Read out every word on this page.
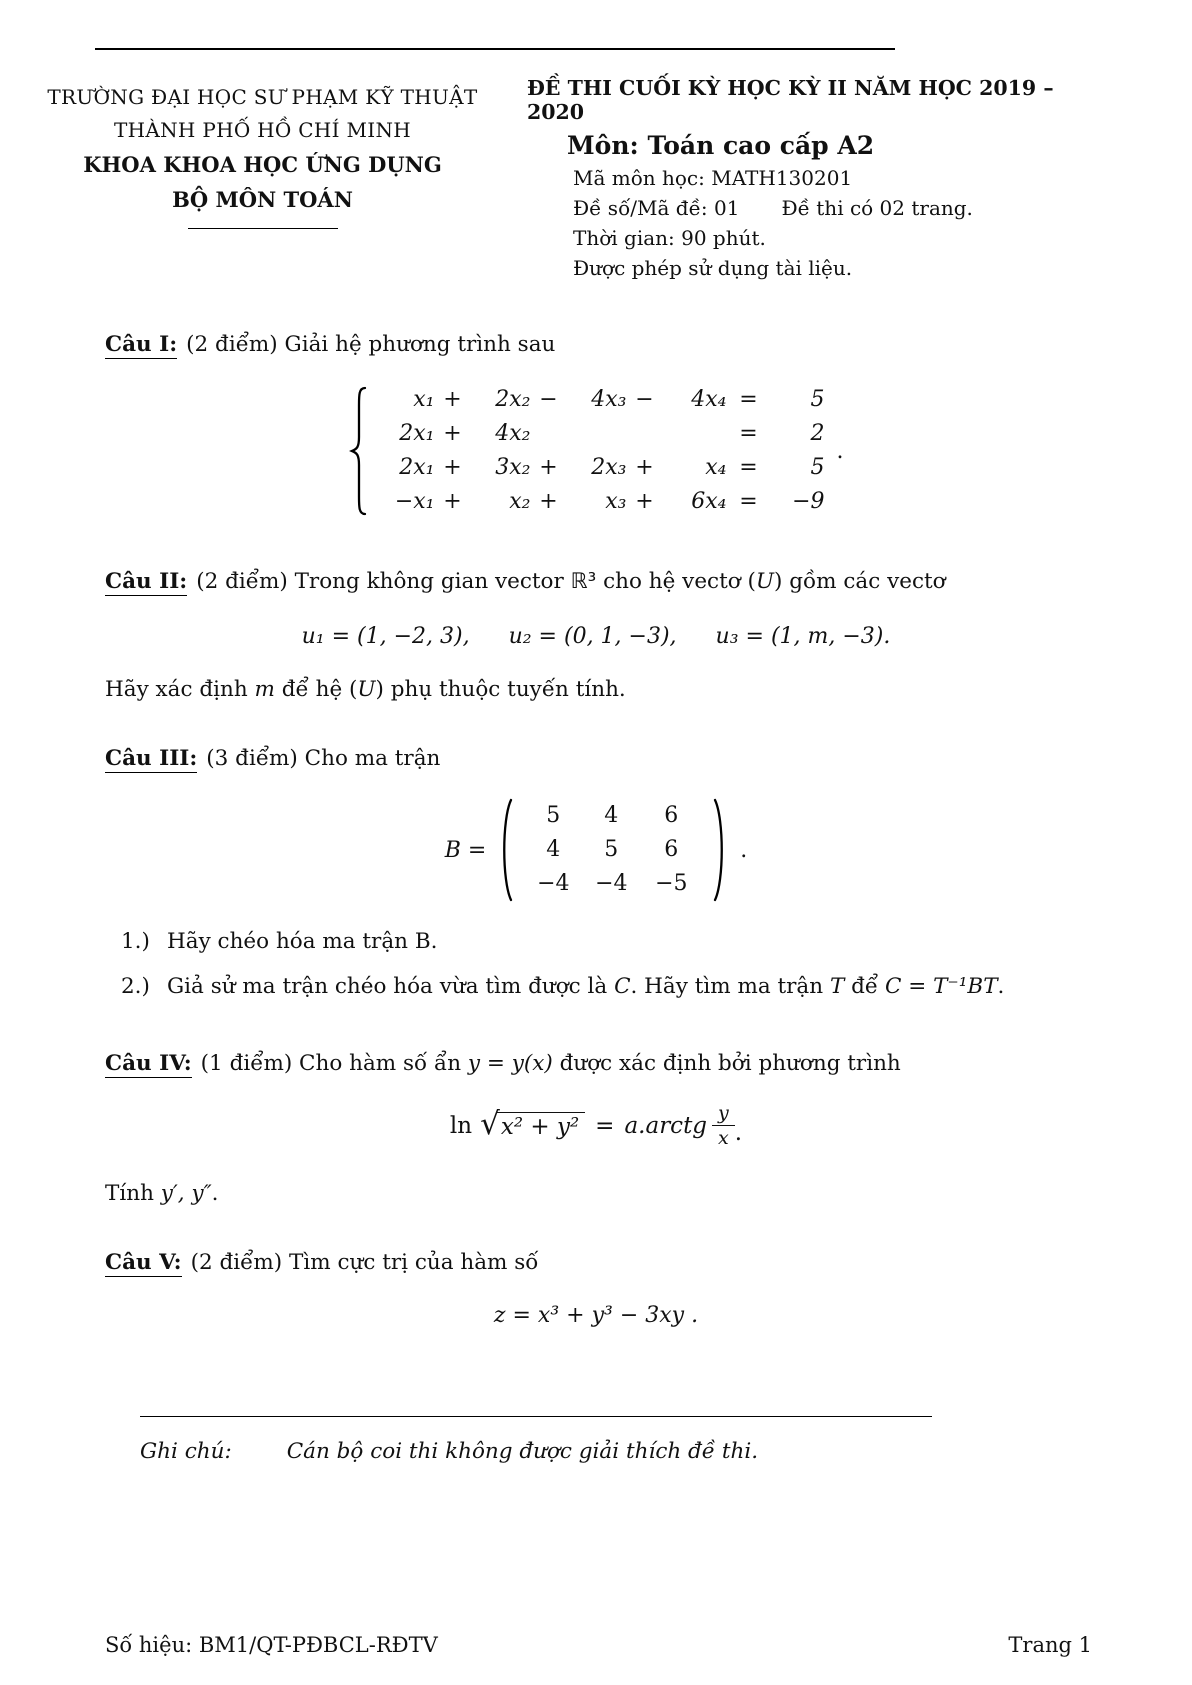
TRƯỜNG ĐẠI HỌC SƯ PHẠM KỸ THUẬT
THÀNH PHỐ HỒ CHÍ MINH
KHOA KHOA HỌC ỨNG DỤNG
BỘ MÔN TOÁN
ĐỀ THI CUỐI KỲ HỌC KỲ II NĂM HỌC 2019 – 2020
Môn: Toán cao cấp A2
Mã môn học: MATH130201
Đề số/Mã đề: 01 Đề thi có 02 trang.
Thời gian: 90 phút.
Được phép sử dụng tài liệu.

Câu I: (2 điểm) Giải hệ phương trình sau

x₁ +	2x₂ −	4x₃ −	4x₄ =	5
2x₁ +	4x₂	=	2
2x₁ +	3x₂ +	2x₃ +	x₄ =	5
−x₁ +	x₂ +	x₃ +	6x₄ =	−9
.

Câu II: (2 điểm) Trong không gian vector ℝ³ cho hệ vectơ (U) gồm các vectơ

u₁ = (1, −2, 3), u₂ = (0, 1, −3), u₃ = (1, m, −3).

Hãy xác định m để hệ (U) phụ thuộc tuyến tính.

Câu III: (3 điểm) Cho ma trận

B =
5	4	6
4	5	6
−4	−4	−5
.
1.) Hãy chéo hóa ma trận B.
2.) Giả sử ma trận chéo hóa vừa tìm được là C. Hãy tìm ma trận T để C = T⁻¹BT.

Câu IV: (1 điểm) Cho hàm số ẩn y = y(x) được xác định bởi phương trình

ln √ x² + y² = a.arctg $\frac{y}{x}$ .

Tính y′, y″.

Câu V: (2 điểm) Tìm cực trị của hàm số

z = x³ + y³ − 3xy .

Ghi chú:	Cán bộ coi thi không được giải thích đề thi.

Số hiệu: BM1/QT-PĐBCL-RĐTV	Trang 1
